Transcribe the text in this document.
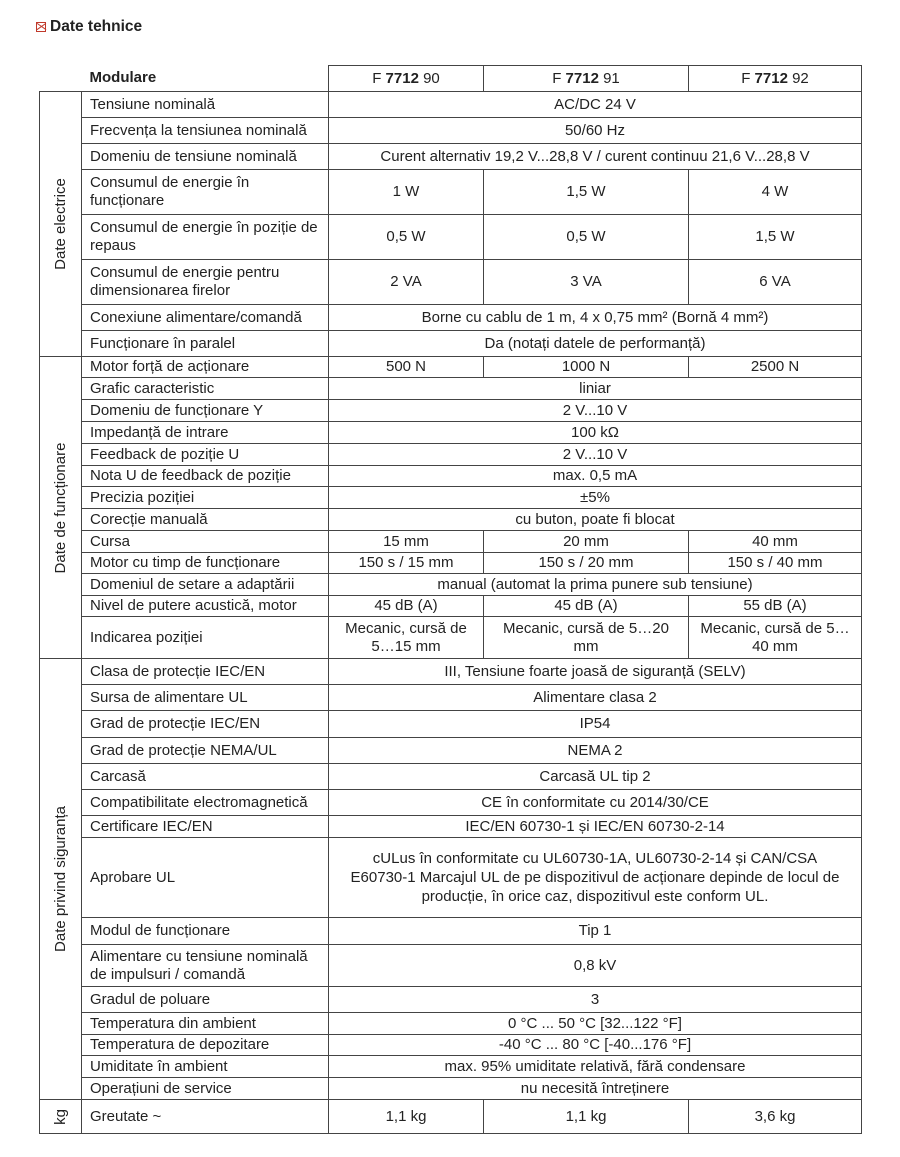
Date tehnice
	Modulare	F 7712 90	F 7712 91	F 7712 92

Date electrice	Tensiune nominală	AC/DC 24 V		
	Frecvența la tensiunea nominală	50/60 Hz		
	Domeniu de tensiune nominală	Curent alternativ 19,2 V...28,8 V / curent continuu 21,6 V...28,8 V		
	Consumul de energie în funcționare	1 W	1,5 W	4 W
	Consumul de energie în poziție de repaus	0,5 W	0,5 W	1,5 W
	Consumul de energie pentru dimensionarea firelor	2 VA	3 VA	6 VA
	Conexiune alimentare/comandă	Borne cu cablu de 1 m, 4 x 0,75 mm² (Bornă 4 mm²)		
	Funcționare în paralel	Da (notați datele de performanță)		

Date de funcționare	Motor forță de acționare	500 N	1000 N	2500 N
	Grafic caracteristic	liniar		
	Domeniu de funcționare Y	2 V...10 V		
	Impedanță de intrare	100 kΩ		
	Feedback de poziție U	2 V...10 V		
	Nota U de feedback de poziție	max. 0,5 mA		
	Precizia poziției	±5%		
	Corecție manuală	cu buton, poate fi blocat		
	Cursa	15 mm	20 mm	40 mm
	Motor cu timp de funcționare	150 s / 15 mm	150 s / 20 mm	150 s / 40 mm
	Domeniul de setare a adaptării	manual (automat la prima punere sub tensiune)		
	Nivel de putere acustică, motor	45 dB (A)	45 dB (A)	55 dB (A)
	Indicarea poziției	Mecanic, cursă de 5…15 mm	Mecanic, cursă de 5…20 mm	Mecanic, cursă de 5…40 mm

Date privind siguranța	Clasa de protecție IEC/EN	III, Tensiune foarte joasă de siguranță (SELV)		
	Sursa de alimentare UL	Alimentare clasa 2		
	Grad de protecție IEC/EN	IP54		
	Grad de protecție NEMA/UL	NEMA 2		
	Carcasă	Carcasă UL tip 2		
	Compatibilitate electromagnetică	CE în conformitate cu 2014/30/CE		
	Certificare IEC/EN	IEC/EN 60730-1 și IEC/EN 60730-2-14		
	Aprobare UL	cULus în conformitate cu UL60730-1A, UL60730-2-14 și CAN/CSA E60730-1 Marcajul UL de pe dispozitivul de acționare depinde de locul de producție, în orice caz, dispozitivul este conform UL.		
	Modul de funcționare	Tip 1		
	Alimentare cu tensiune nominală de impulsuri / comandă	0,8 kV		
	Gradul de poluare	3		
	Temperatura din ambient	0 °C ... 50 °C [32...122 °F]		
	Temperatura de depozitare	-40 °C ... 80 °C [-40...176 °F]		
	Umiditate în ambient	max. 95% umiditate relativă, fără condensare		
	Operațiuni de service	nu necesită întreținere		

kg	Greutate ~	1,1 kg	1,1 kg	3,6 kg
